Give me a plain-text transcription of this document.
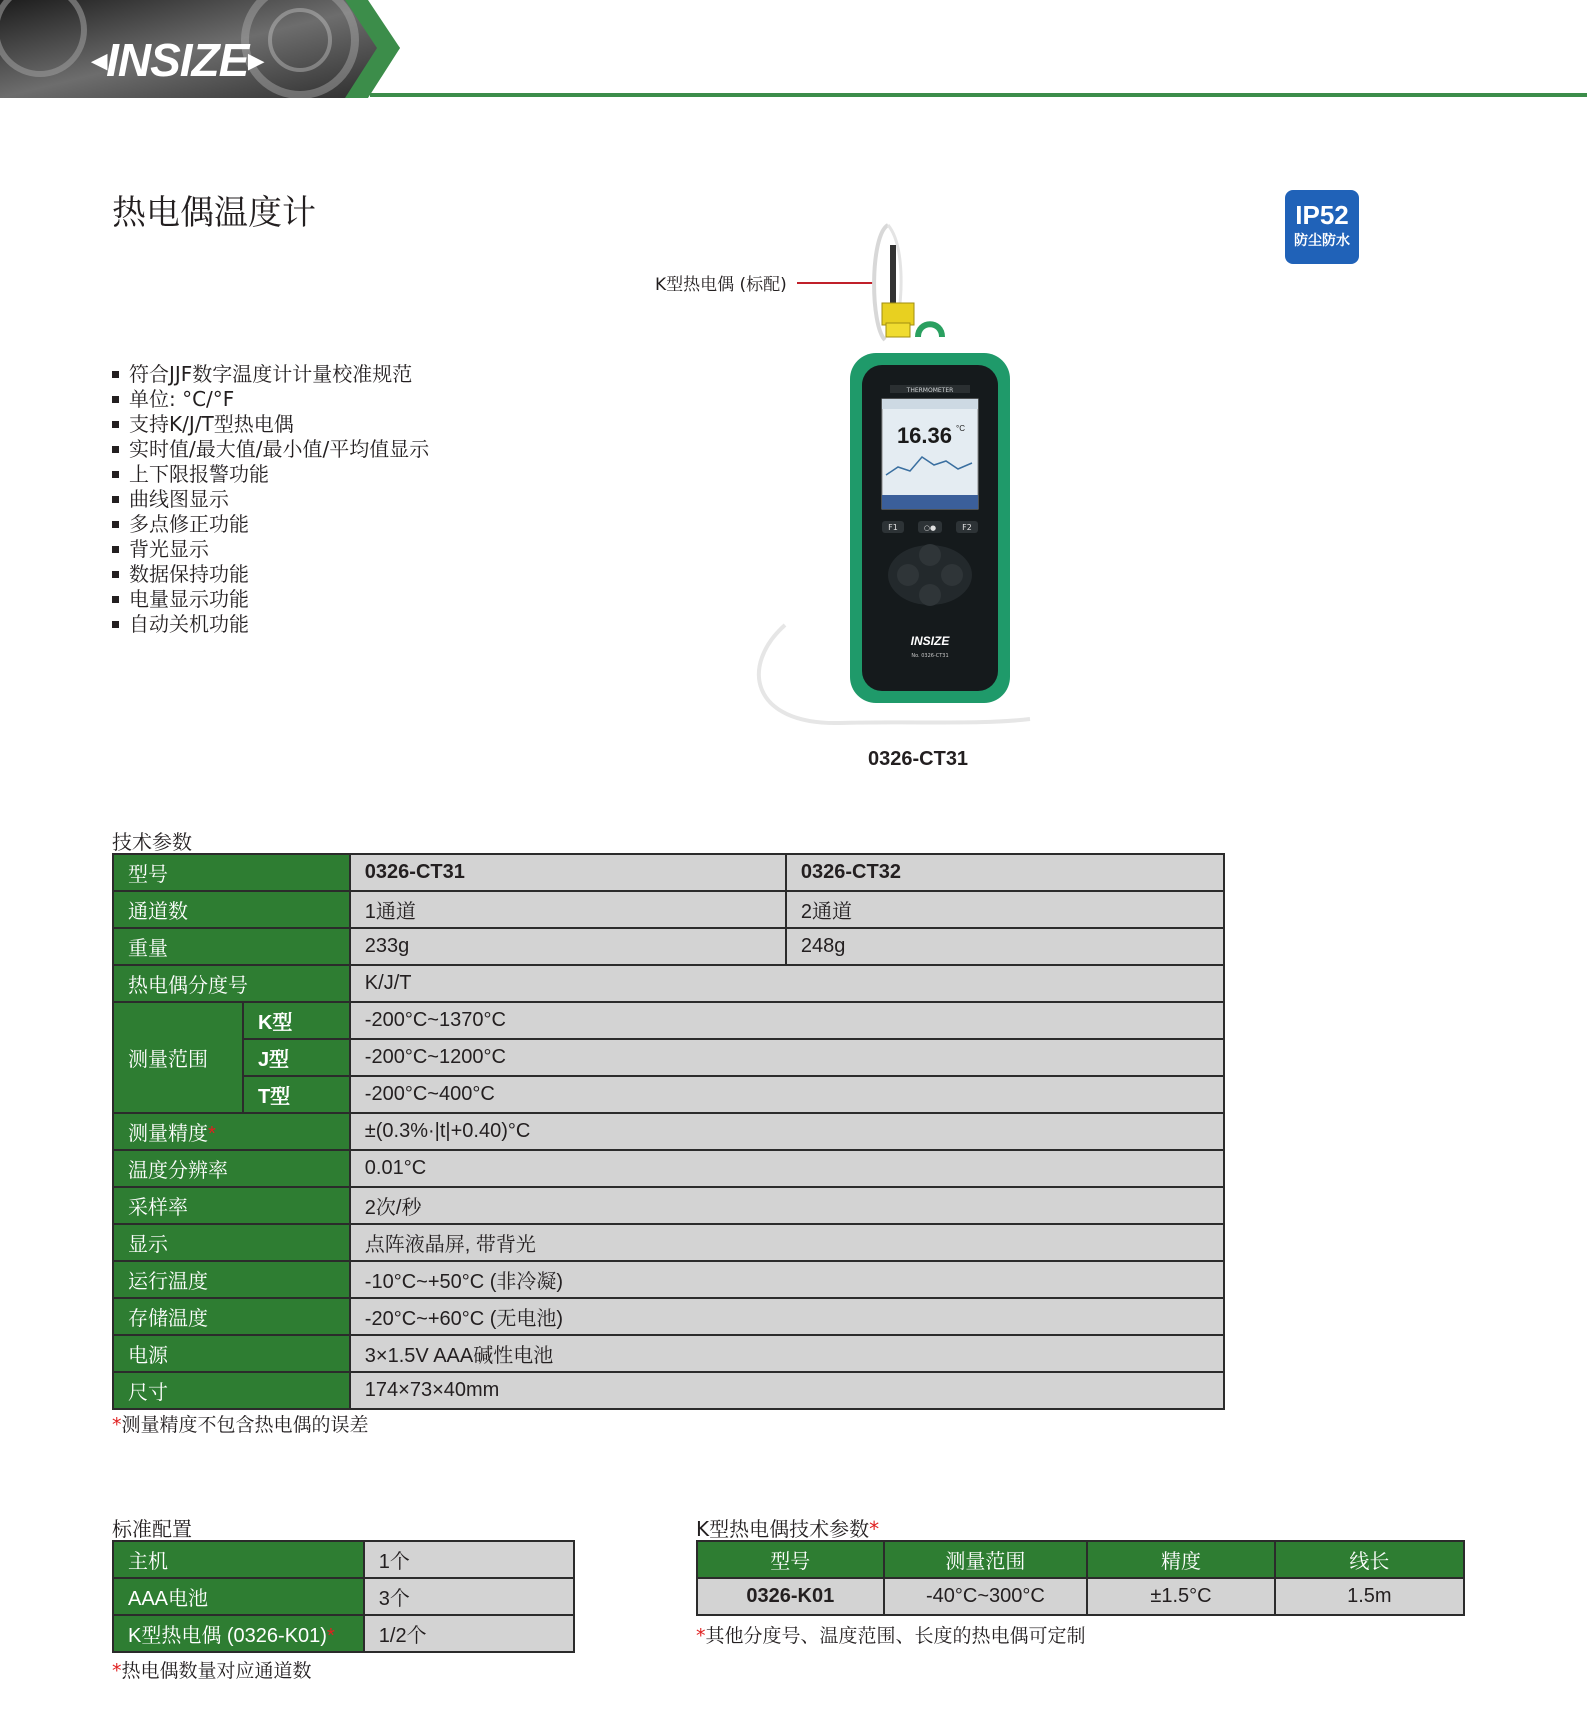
◂ INSIZE ▸
热电偶温度计	IP52
防尘防水
符合JJF数字温度计计量校准规范
单位: °C/°F
支持K/J/T型热电偶
实时值/最大值/最小值/平均值显示
上下限报警功能
曲线图显示
多点修正功能
背光显示
数据保持功能
电量显示功能
自动关机功能
K型热电偶 (标配)
THERMOMETER
16.36 °C
F1	○●	F2
INSIZE
No. 0326-CT31
0326-CT31
技术参数
型号		0326-CT31	0326-CT32
通道数		1通道	2通道
重量		233g	248g
热电偶分度号		K/J/T	
测量范围	K型	-200°C~1370°C	
	J型	-200°C~1200°C	
	T型	-200°C~400°C	
测量精度*		±(0.3%·|t|+0.40)°C	
温度分辨率		0.01°C	
采样率		2次/秒	
显示		点阵液晶屏, 带背光	
运行温度		-10°C~+50°C (非冷凝)	
存储温度		-20°C~+60°C (无电池)	
电源		3×1.5V AAA碱性电池	
尺寸		174×73×40mm	
*测量精度不包含热电偶的误差
标准配置
主机	1个
AAA电池	3个
K型热电偶 (0326-K01)*	1/2个
*热电偶数量对应通道数
K型热电偶技术参数*
型号	测量范围	精度	线长
0326-K01	-40°C~300°C	±1.5°C	1.5m
*其他分度号、温度范围、长度的热电偶可定制
